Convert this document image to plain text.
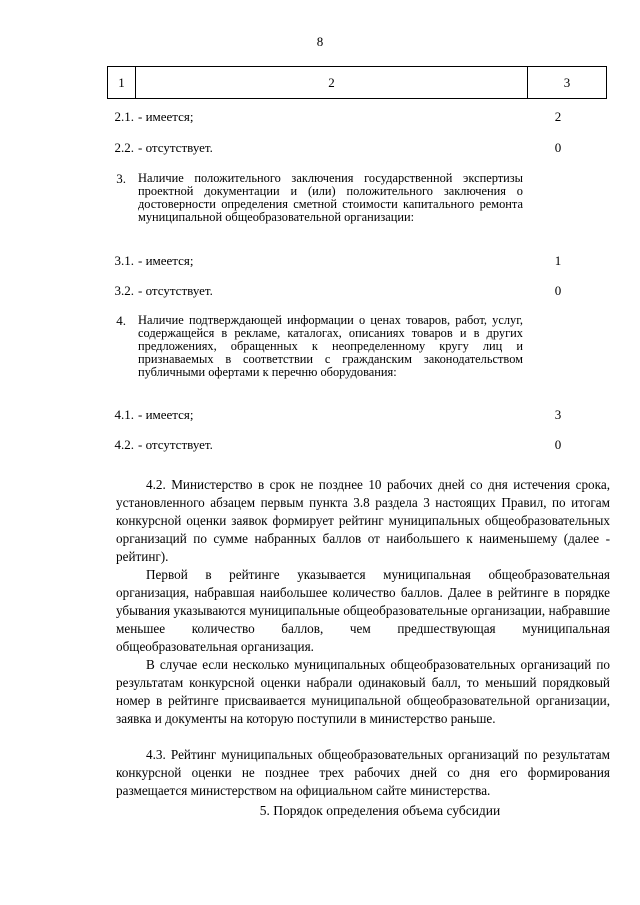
8
1	2	3
2.1. - имеется;	2
2.2. - отсутствует.	0
3. Наличие положительного заключения государственной экспертизы проектной документации и (или) положительного заключения о достоверности определения сметной стоимости капитального ремонта муниципальной общеобразовательной организации:
3.1. - имеется;	1
3.2. - отсутствует.	0
4. Наличие подтверждающей информации о ценах товаров, работ, услуг, содержащейся в рекламе, каталогах, описаниях товаров и в других предложениях, обращенных к неопределенному кругу лиц и признаваемых в соответствии с гражданским законодательством публичными офертами к перечню оборудования:
4.1. - имеется;	3
4.2. - отсутствует.	0

4.2. Министерство в срок не позднее 10 рабочих дней со дня истечения срока, установленного абзацем первым пункта 3.8 раздела 3 настоящих Правил, по итогам конкурсной оценки заявок формирует рейтинг муниципальных общеобразовательных организаций по сумме набранных баллов от наибольшего к наименьшему (далее - рейтинг).

Первой в рейтинге указывается муниципальная общеобразовательная организация, набравшая наибольшее количество баллов. Далее в рейтинге в порядке убывания указываются муниципальные общеобразовательные организации, набравшие меньшее количество баллов, чем предшествующая муниципальная общеобразовательная организация.

В случае если несколько муниципальных общеобразовательных организаций по результатам конкурсной оценки набрали одинаковый балл, то меньший порядковый номер в рейтинге присваивается муниципальной общеобразовательной организации, заявка и документы на которую поступили в министерство раньше.

4.3. Рейтинг муниципальных общеобразовательных организаций по результатам конкурсной оценки не позднее трех рабочих дней со дня его формирования размещается министерством на официальном сайте министерства.

5. Порядок определения объема субсидии
